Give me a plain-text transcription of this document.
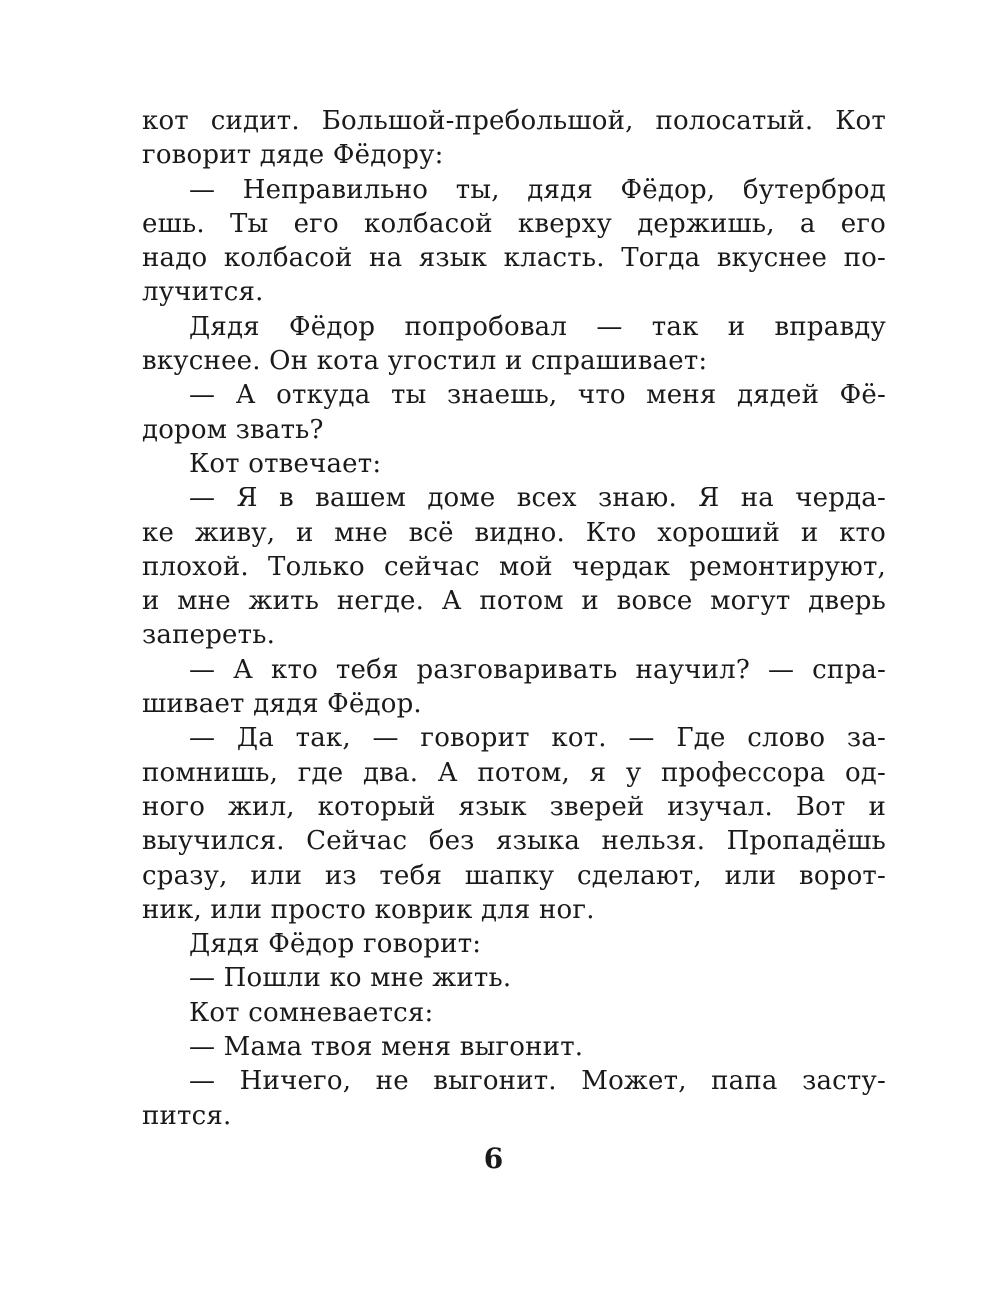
кот сидит. Большой-пребольшой, полосатый. Кот
говорит дяде Фёдору:
— Неправильно ты, дядя Фёдор, бутерброд
ешь. Ты его колбасой кверху держишь, а его
надо колбасой на язык класть. Тогда вкуснее по-
лучится.
Дядя Фёдор попробовал — так и вправду
вкуснее. Он кота угостил и спрашивает:
— А откуда ты знаешь, что меня дядей Фё-
дором звать?
Кот отвечает:
— Я в вашем доме всех знаю. Я на черда-
ке живу, и мне всё видно. Кто хороший и кто
плохой. Только сейчас мой чердак ремонтируют,
и мне жить негде. А потом и вовсе могут дверь
запереть.
— А кто тебя разговаривать научил? — спра-
шивает дядя Фёдор.
— Да так, — говорит кот. — Где слово за-
помнишь, где два. А потом, я у профессора од-
ного жил, который язык зверей изучал. Вот и
выучился. Сейчас без языка нельзя. Пропадёшь
сразу, или из тебя шапку сделают, или ворот-
ник, или просто коврик для ног.
Дядя Фёдор говорит:
— Пошли ко мне жить.
Кот сомневается:
— Мама твоя меня выгонит.
— Ничего, не выгонит. Может, папа засту-
пится.
6
